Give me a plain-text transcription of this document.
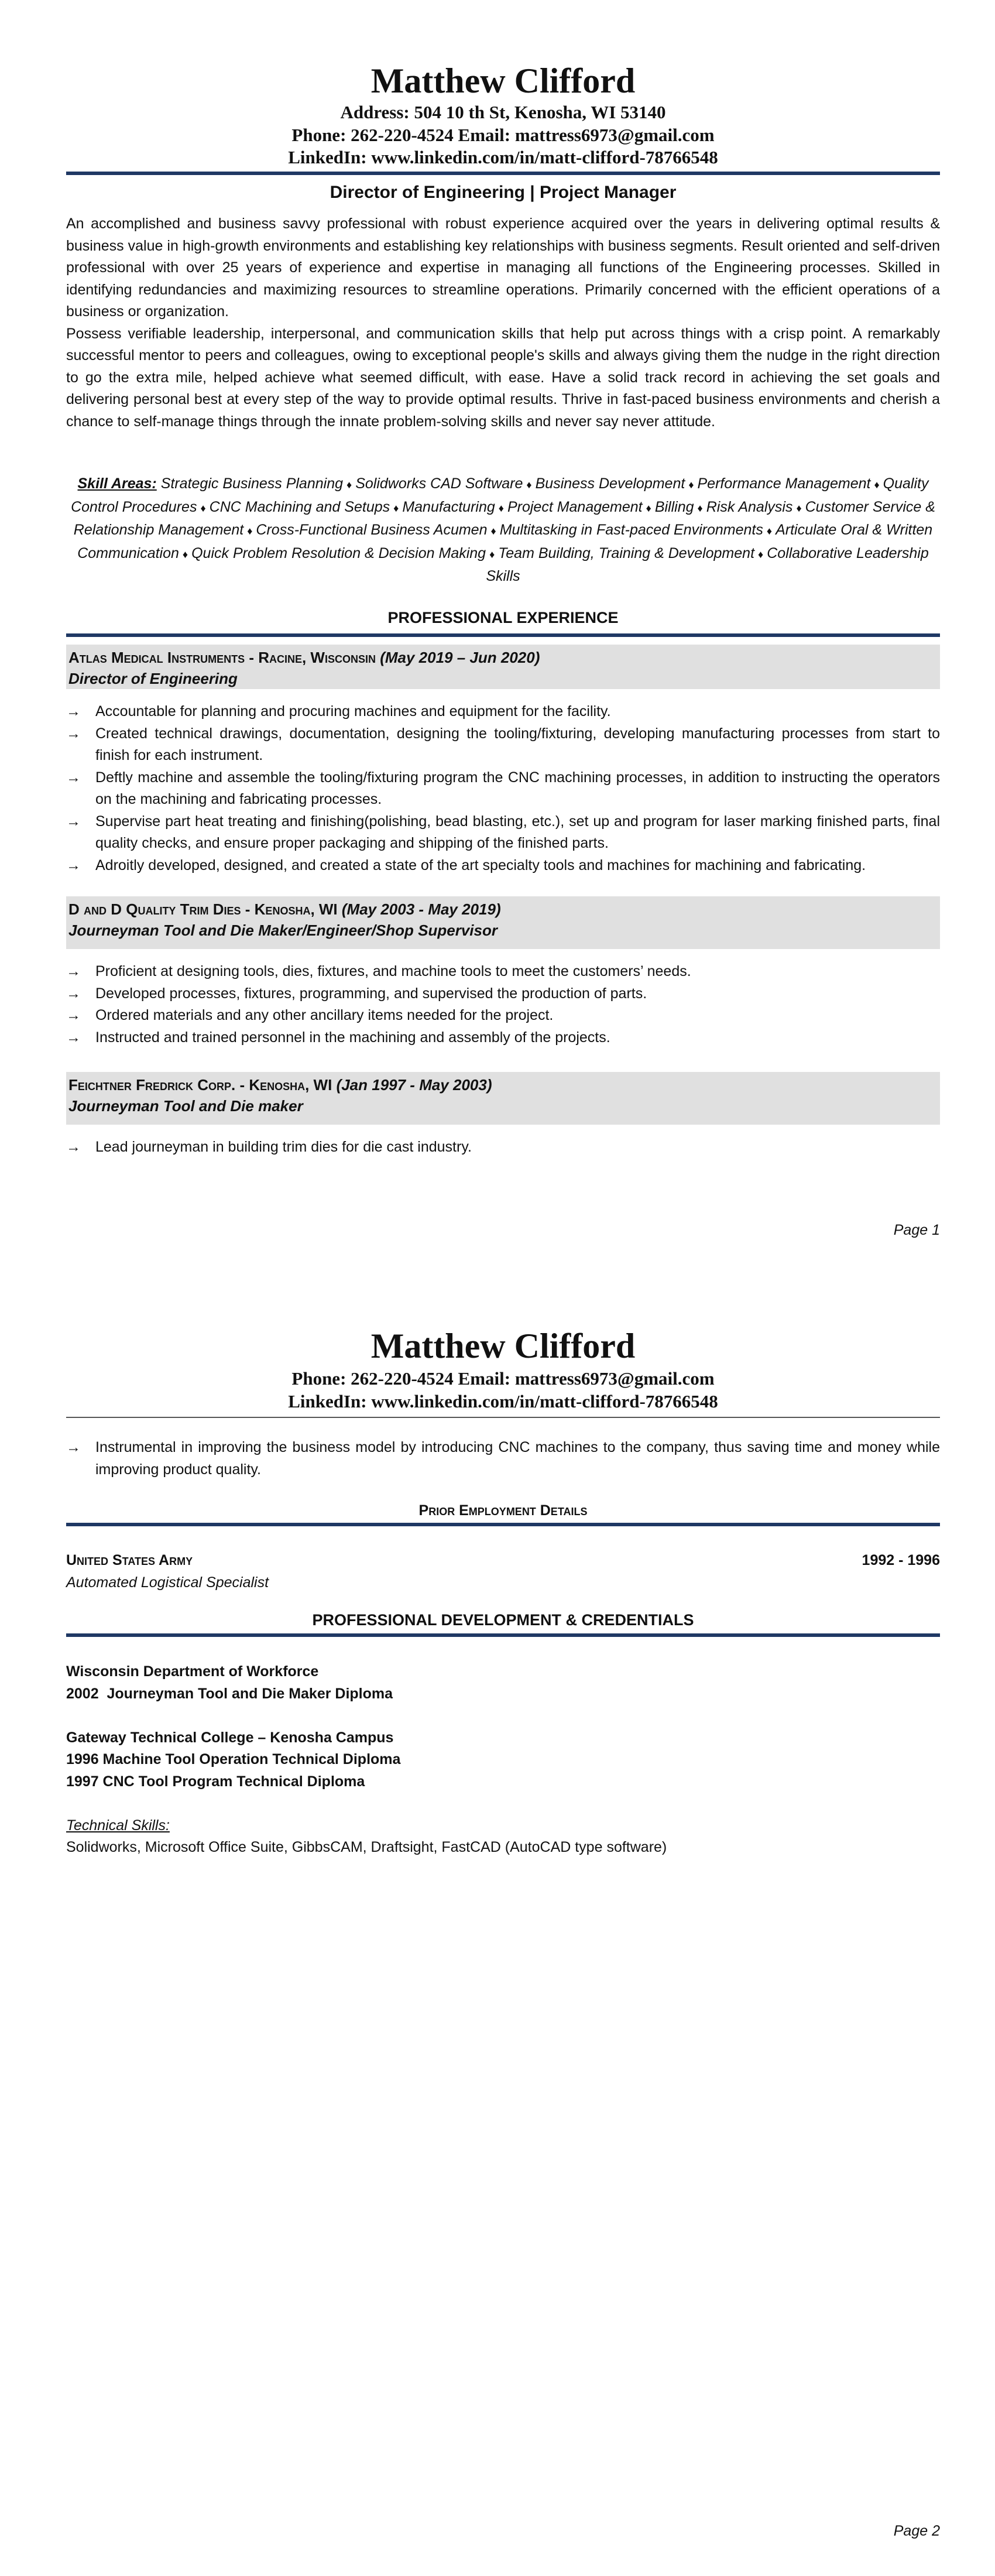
Matthew Clifford
Address: 504 10 th St, Kenosha, WI 53140
Phone: 262-220-4524 Email: mattress6973@gmail.com
LinkedIn: www.linkedin.com/in/matt-clifford-78766548
Director of Engineering | Project Manager

An accomplished and business savvy professional with robust experience acquired over the years in delivering optimal results & business value in high-growth environments and establishing key relationships with business segments. Result oriented and self-driven professional with over 25 years of experience and expertise in managing all functions of the Engineering processes. Skilled in identifying redundancies and maximizing resources to streamline operations. Primarily concerned with the efficient operations of a business or organization.

Possess verifiable leadership, interpersonal, and communication skills that help put across things with a crisp point. A remarkably successful mentor to peers and colleagues, owing to exceptional people's skills and always giving them the nudge in the right direction to go the extra mile, helped achieve what seemed difficult, with ease. Have a solid track record in achieving the set goals and delivering personal best at every step of the way to provide optimal results. Thrive in fast-paced business environments and cherish a chance to self-manage things through the innate problem-solving skills and never say never attitude.

Skill Areas: Strategic Business Planning ♦ Solidworks CAD Software ♦ Business Development ♦ Performance Management ♦ Quality Control Procedures ♦ CNC Machining and Setups ♦ Manufacturing ♦ Project Management ♦ Billing ♦ Risk Analysis ♦ Customer Service & Relationship Management ♦ Cross-Functional Business Acumen ♦ Multitasking in Fast-paced Environments ♦ Articulate Oral & Written Communication ♦ Quick Problem Resolution & Decision Making ♦ Team Building, Training & Development ♦ Collaborative Leadership Skills
PROFESSIONAL EXPERIENCE
Atlas Medical Instruments - Racine, Wisconsin (May 2019 – Jun 2020)
Director of Engineering
→ Accountable for planning and procuring machines and equipment for the facility.
→ Created technical drawings, documentation, designing the tooling/fixturing, developing manufacturing processes from start to finish for each instrument.
→ Deftly machine and assemble the tooling/fixturing program the CNC machining processes, in addition to instructing the operators on the machining and fabricating processes.
→ Supervise part heat treating and finishing(polishing, bead blasting, etc.), set up and program for laser marking finished parts, final quality checks, and ensure proper packaging and shipping of the finished parts.
→ Adroitly developed, designed, and created a state of the art specialty tools and machines for machining and fabricating.
D and D Quality Trim Dies - Kenosha, WI (May 2003 - May 2019)
Journeyman Tool and Die Maker/Engineer/Shop Supervisor
→ Proficient at designing tools, dies, fixtures, and machine tools to meet the customers’ needs.
→ Developed processes, fixtures, programming, and supervised the production of parts.
→ Ordered materials and any other ancillary items needed for the project.
→ Instructed and trained personnel in the machining and assembly of the projects.
Feichtner Fredrick Corp. - Kenosha, WI (Jan 1997 - May 2003)
Journeyman Tool and Die maker
→ Lead journeyman in building trim dies for die cast industry.
Page 1
Matthew Clifford
Phone: 262-220-4524 Email: mattress6973@gmail.com
LinkedIn: www.linkedin.com/in/matt-clifford-78766548
→ Instrumental in improving the business model by introducing CNC machines to the company, thus saving time and money while improving product quality.
Prior Employment Details
United States Army	1992 - 1996
Automated Logistical Specialist
PROFESSIONAL DEVELOPMENT & CREDENTIALS
Wisconsin Department of Workforce
2002  Journeyman Tool and Die Maker Diploma
Gateway Technical College – Kenosha Campus
1996 Machine Tool Operation Technical Diploma
1997 CNC Tool Program Technical Diploma
Technical Skills:
Solidworks, Microsoft Office Suite, GibbsCAM, Draftsight, FastCAD (AutoCAD type software)
Page 2
